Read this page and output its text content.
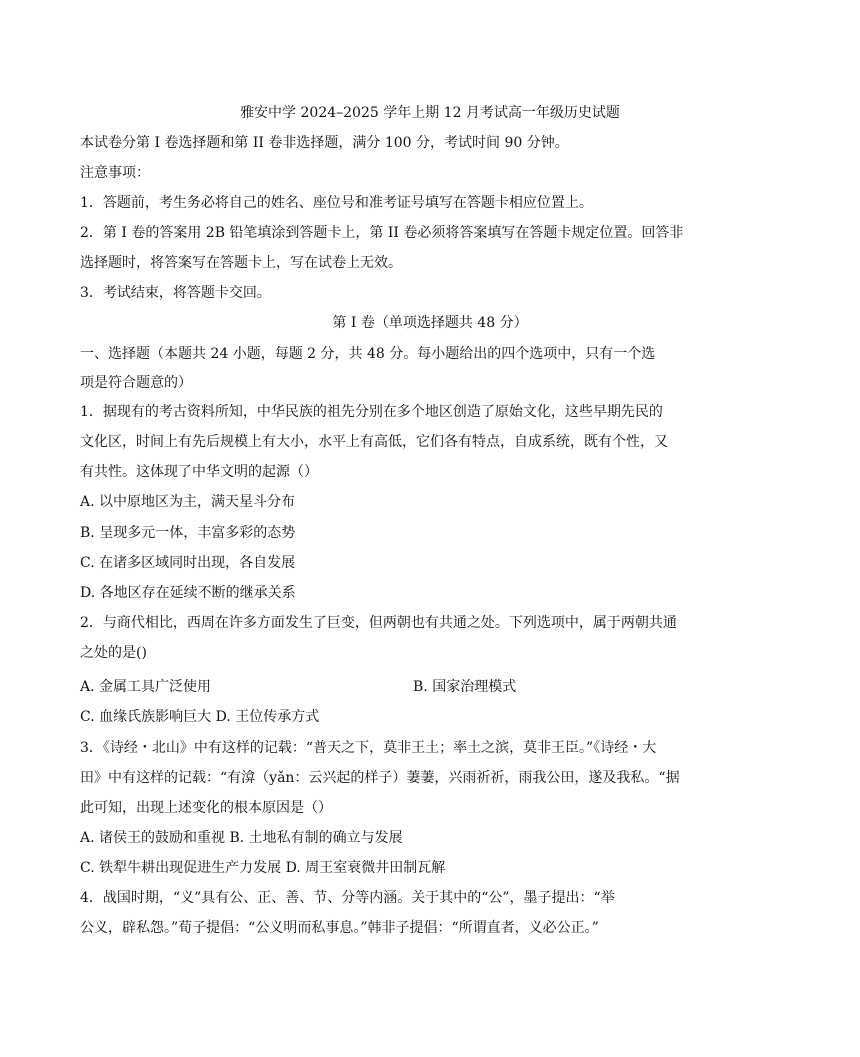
雅安中学 2024–2025 学年上期 12 月考试高一年级历史试题
本试卷分第 I 卷选择题和第 II 卷非选择题，满分 100 分，考试时间 90 分钟。
注意事项：
1．答题前，考生务必将自己的姓名、座位号和准考证号填写在答题卡相应位置上。
2．第 I 卷的答案用 2B 铅笔填涂到答题卡上，第 II 卷必须将答案填写在答题卡规定位置。回答非
选择题时，将答案写在答题卡上，写在试卷上无效。
3．考试结束，将答题卡交回。
第 I 卷（单项选择题共 48 分）
一、选择题（本题共 24 小题，每题 2 分，共 48 分。每小题给出的四个选项中，只有一个选
项是符合题意的）
1．据现有的考古资料所知，中华民族的祖先分别在多个地区创造了原始文化，这些早期先民的
文化区，时间上有先后规模上有大小，水平上有高低，它们各有特点，自成系统，既有个性，又
有共性。这体现了中华文明的起源（）
A. 以中原地区为主，满天星斗分布
B. 呈现多元一体，丰富多彩的态势
C. 在诸多区域同时出现，各自发展
D. 各地区存在延续不断的继承关系
2．与商代相比，西周在许多方面发生了巨变，但两朝也有共通之处。下列选项中，属于两朝共通
之处的是()
A. 金属工具广泛使用	B. 国家治理模式
C. 血缘氏族影响巨大 D. 王位传承方式
3．《诗经・北山》中有这样的记载：“普天之下，莫非王土；率土之滨，莫非王臣。”《诗经・大
田》中有这样的记载：“有渰（yǎn：云兴起的样子）萋萋，兴雨祈祈，雨我公田，遂及我私。“据
此可知，出现上述变化的根本原因是（）
A. 诸侯王的鼓励和重视 B. 土地私有制的确立与发展
C. 铁犁牛耕出现促进生产力发展 D. 周王室衰微井田制瓦解
4．战国时期，“义”具有公、正、善、节、分等内涵。关于其中的“公”，墨子提出：“举
公义，辟私怨。”荀子提倡：“公义明而私事息。”韩非子提倡：“所谓直者，义必公正。”
